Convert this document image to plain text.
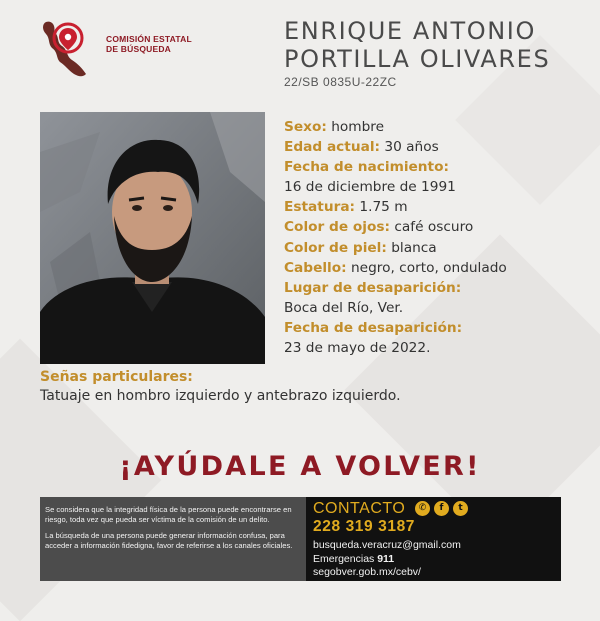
COMISIÓN ESTATAL
DE BÚSQUEDA
ENRIQUE ANTONIO
PORTILLA OLIVARES
22/SB 0835U-22ZC
Sexo: hombre
Edad actual: 30 años
Fecha de nacimiento:
16 de diciembre de 1991
Estatura: 1.75 m
Color de ojos: café oscuro
Color de piel: blanca
Cabello: negro, corto, ondulado
Lugar de desaparición:
Boca del Río, Ver.
Fecha de desaparición:
23 de mayo de 2022.
Señas particulares:
Tatuaje en hombro izquierdo y antebrazo izquierdo.
¡AYÚDALE A VOLVER!

Se considera que la integridad física de la persona puede encontrarse en riesgo, toda vez que pueda ser víctima de la comisión de un delito.

La búsqueda de una persona puede generar información confusa, para acceder a información fidedigna, favor de referirse a los canales oficiales.

CONTACTO	✆	f	t
228 319 3187
busqueda.veracruz@gmail.com
Emergencias 911
segobver.gob.mx/cebv/
